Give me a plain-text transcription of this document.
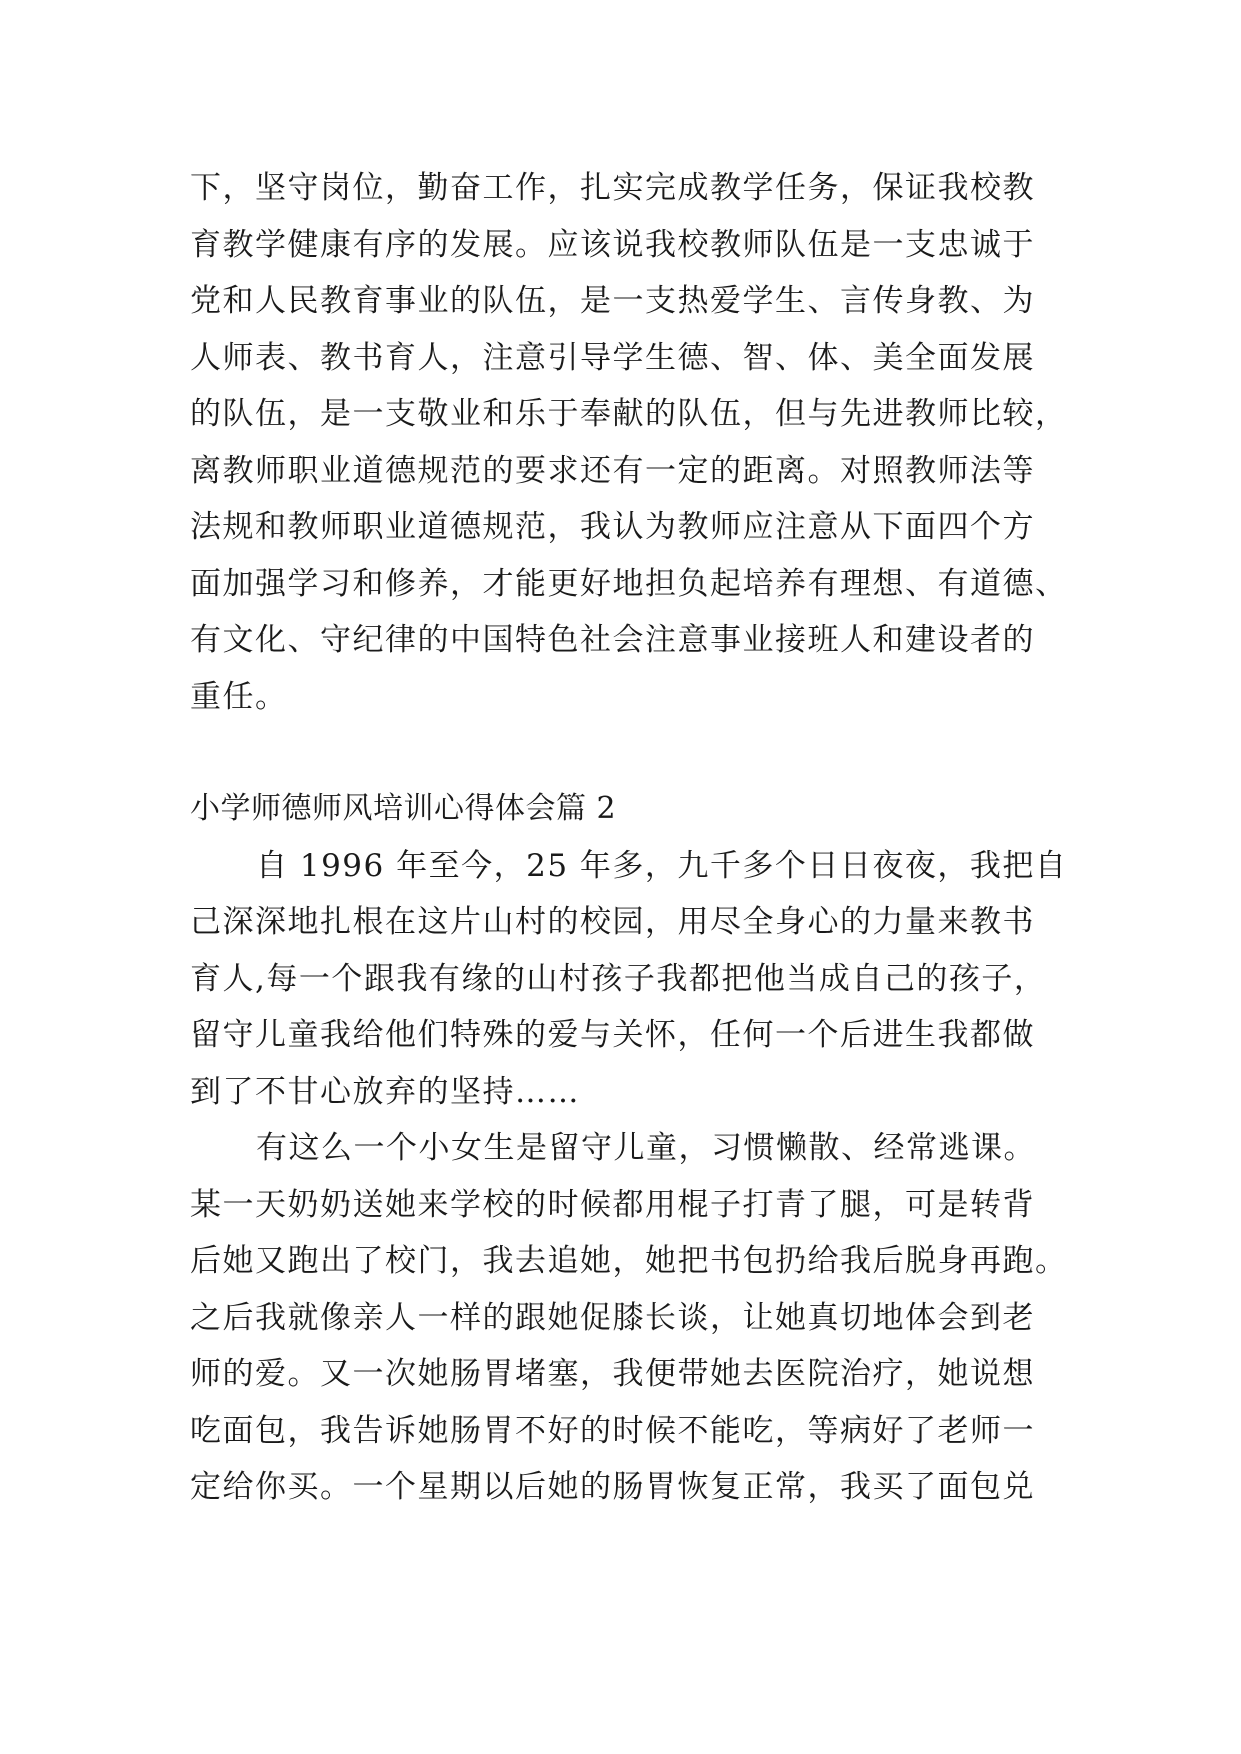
下，坚守岗位，勤奋工作，扎实完成教学任务，保证我校教
育教学健康有序的发展。应该说我校教师队伍是一支忠诚于
党和人民教育事业的队伍，是一支热爱学生、言传身教、为
人师表、教书育人，注意引导学生德、智、体、美全面发展
的队伍，是一支敬业和乐于奉献的队伍，但与先进教师比较，
离教师职业道德规范的要求还有一定的距离。对照教师法等
法规和教师职业道德规范，我认为教师应注意从下面四个方
面加强学习和修养，才能更好地担负起培养有理想、有道德、
有文化、守纪律的中国特色社会注意事业接班人和建设者的
重任。
小学师德师风培训心得体会篇 2
自 1996 年至今，25 年多，九千多个日日夜夜，我把自
己深深地扎根在这片山村的校园，用尽全身心的力量来教书
育人,每一个跟我有缘的山村孩子我都把他当成自己的孩子，
留守儿童我给他们特殊的爱与关怀，任何一个后进生我都做
到了不甘心放弃的坚持……
有这么一个小女生是留守儿童，习惯懒散、经常逃课。
某一天奶奶送她来学校的时候都用棍子打青了腿，可是转背
后她又跑出了校门，我去追她，她把书包扔给我后脱身再跑。
之后我就像亲人一样的跟她促膝长谈，让她真切地体会到老
师的爱。又一次她肠胃堵塞，我便带她去医院治疗，她说想
吃面包，我告诉她肠胃不好的时候不能吃，等病好了老师一
定给你买。一个星期以后她的肠胃恢复正常，我买了面包兑
